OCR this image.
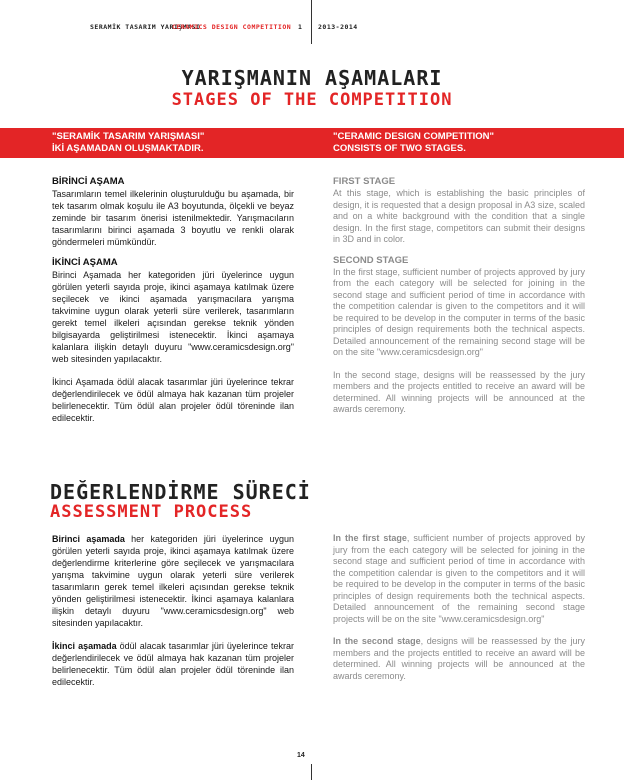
SERAMİK TASARIM YARIŞMASI
CERAMICS DESIGN COMPETITION 1 2013-2014
YARIŞMANIN AŞAMALARI
STAGES OF THE COMPETITION
"SERAMİK TASARIM YARIŞMASI"
İKİ AŞAMADAN OLUŞMAKTADIR.
"CERAMIC DESIGN COMPETITION"
CONSISTS OF TWO STAGES.
BİRİNCİ AŞAMA

Tasarımların temel ilkelerinin oluşturulduğu bu aşamada, bir tek tasarım olmak koşulu ile A3 boyutunda, ölçekli ve beyaz zeminde bir tasarım önerisi istenilmektedir. Yarışmacıların tasarımlarını birinci aşamada 3 boyutlu ve renkli olarak göndermeleri mümkündür.

İKİNCİ AŞAMA

Birinci Aşamada her kategoriden jüri üyelerince uygun görülen yeterli sayıda proje, ikinci aşamaya katılmak üzere seçilecek ve ikinci aşamada yarışmacılara yarışma takvimine uygun olarak yeterli süre verilerek, tasarımların gerekt temel ilkeleri açısından gerekse teknik yönden bilgisayarda geliştirilmesi istenecektir. İkinci aşamaya kalanlara ilişkin detaylı duyuru "www.ceramicsdesign.org" web sitesinden yapılacaktır.

İkinci Aşamada ödül alacak tasarımlar jüri üyelerince tekrar değerlendirilecek ve ödül almaya hak kazanan tüm projeler belirlenecektir. Tüm ödül alan projeler ödül töreninde ilan edilecektir.

FIRST STAGE

At this stage, which is establishing the basic principles of design, it is requested that a design proposal in A3 size, scaled and on a white background with the condition that a single design. In the first stage, competitors can submit their designs in 3D and in color.

SECOND STAGE

In the first stage, sufficient number of projects approved by jury from the each category will be selected for joining in the second stage and sufficient period of time in accordance with the competition calendar is given to the competitors and it will be required to be develop in the computer in terms of the basic principles of design requirements both the technical aspects. Detailed announcement of the remaining second stage will be on the site "www.ceramicsdesign.org"

In the second stage, designs will be reassessed by the jury members and the projects entitled to receive an award will be determined. All winning projects will be announced at the awards ceremony.

DEĞERLENDİRME SÜRECİ
ASSESSMENT PROCESS

Birinci aşamada her kategoriden jüri üyelerince uygun görülen yeterli sayıda proje, ikinci aşamaya katılmak üzere değerlendirme kriterlerine göre seçilecek ve yarışmacılara yarışma takvimine uygun olarak yeterli süre verilerek tasarımların gerek temel ilkeleri açısından gerekse teknik yönden geliştirilmesi istenecektir. İkinci aşamaya kalanlara ilişkin detaylı duyuru "www.ceramicsdesign.org" web sitesinden yapılacaktır.

İkinci aşamada ödül alacak tasarımlar jüri üyelerince tekrar değerlendirilecek ve ödül almaya hak kazanan tüm projeler belirlenecektir. Tüm ödül alan projeler ödül töreninde ilan edilecektir.

In the first stage, sufficient number of projects approved by jury from the each category will be selected for joining in the second stage and sufficient period of time in accordance with the competition calendar is given to the competitors and it will be required to be develop in the computer in terms of the basic principles of design requirements both the technical aspects. Detailed announcement of the remaining second stage projects will be on the site "www.ceramicsdesign.org"

In the second stage, designs will be reassessed by the jury members and the projects entitled to receive an award will be determined. All winning projects will be announced at the awards ceremony.

14
